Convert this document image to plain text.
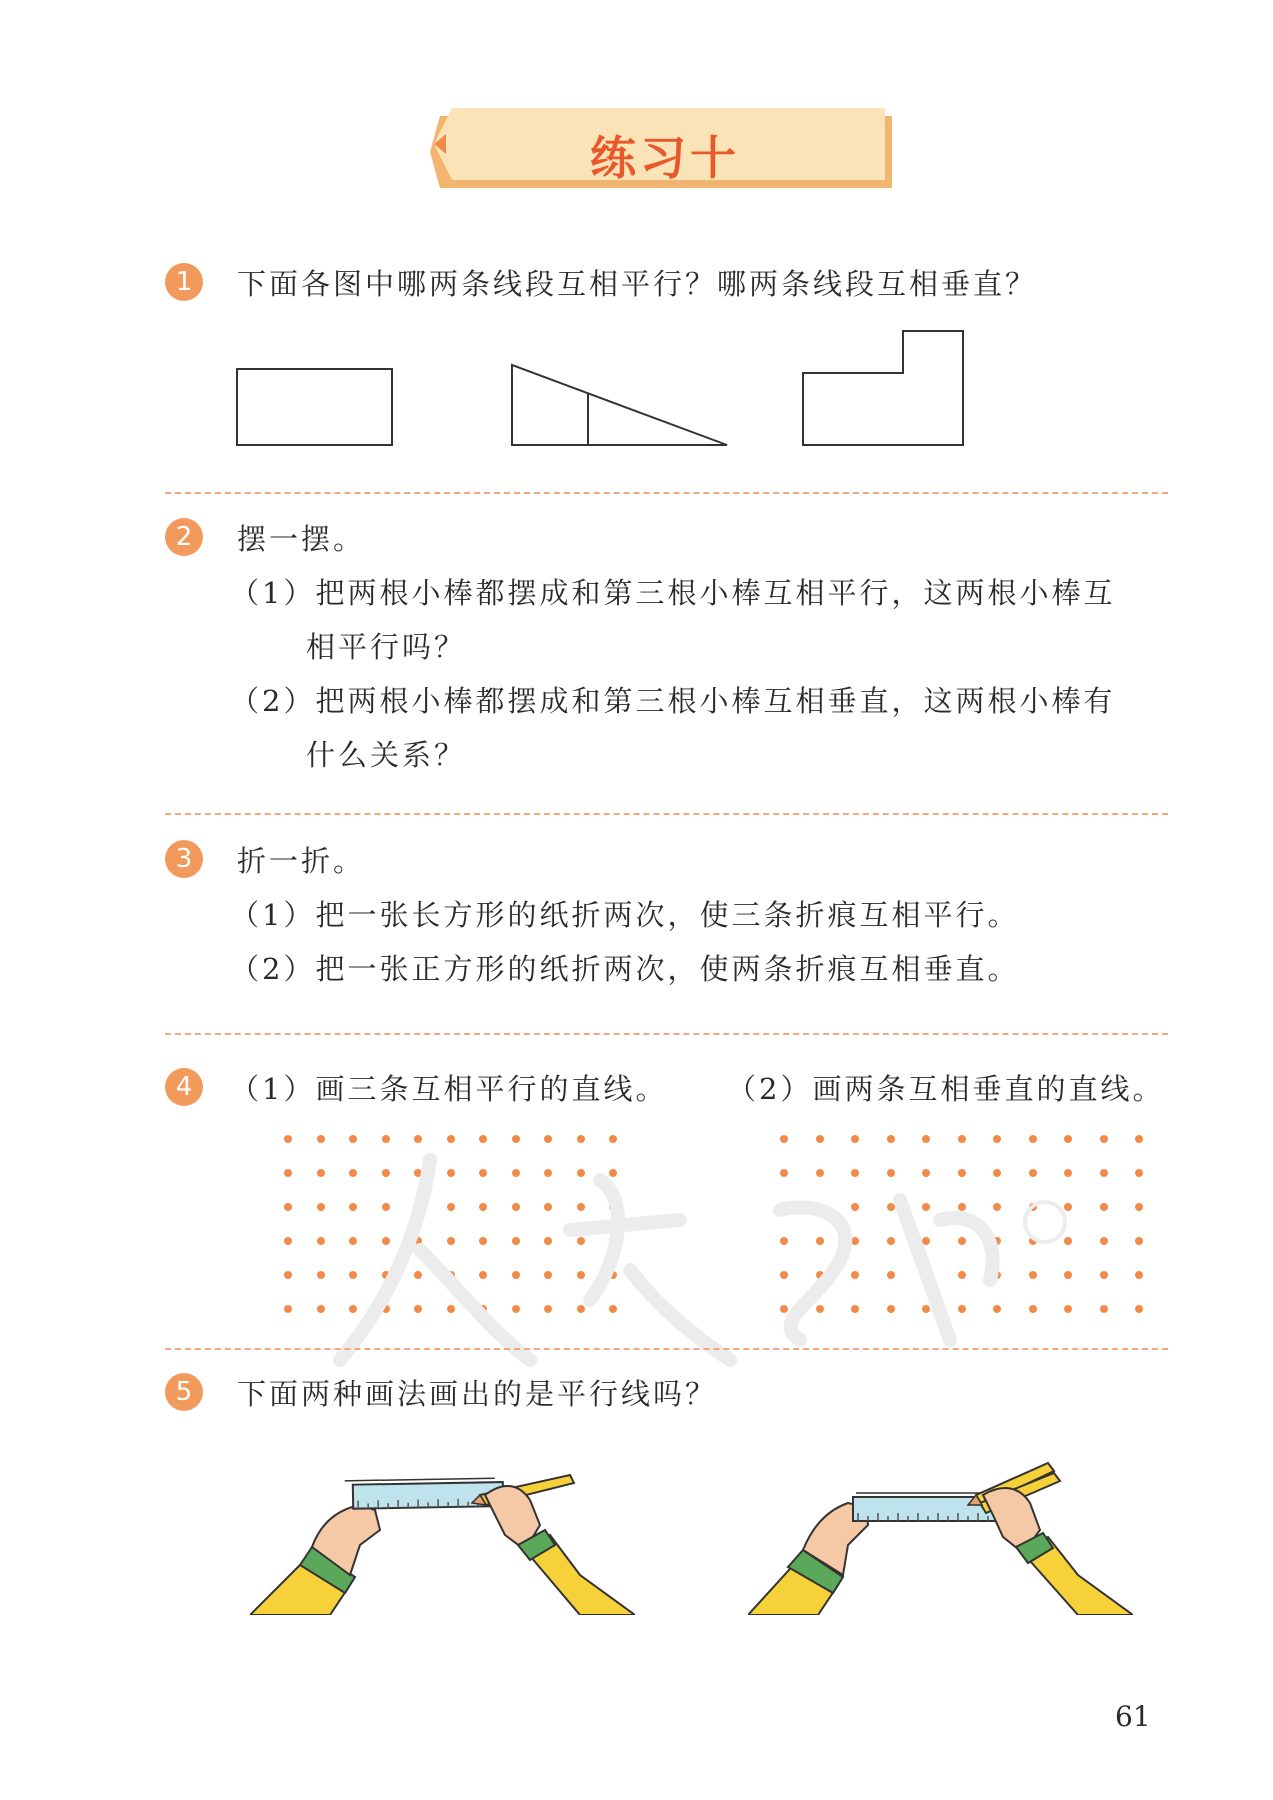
练习十
1	下面各图中哪两条线段互相平行？哪两条线段互相垂直？
2	摆一摆。
（1）把两根小棒都摆成和第三根小棒互相平行，这两根小棒互
相平行吗？
（2）把两根小棒都摆成和第三根小棒互相垂直，这两根小棒有
什么关系？
3	折一折。
（1）把一张长方形的纸折两次，使三条折痕互相平行。
（2）把一张正方形的纸折两次，使两条折痕互相垂直。
4	（1）画三条互相平行的直线。 （2）画两条互相垂直的直线。
5	下面两种画法画出的是平行线吗？
61
